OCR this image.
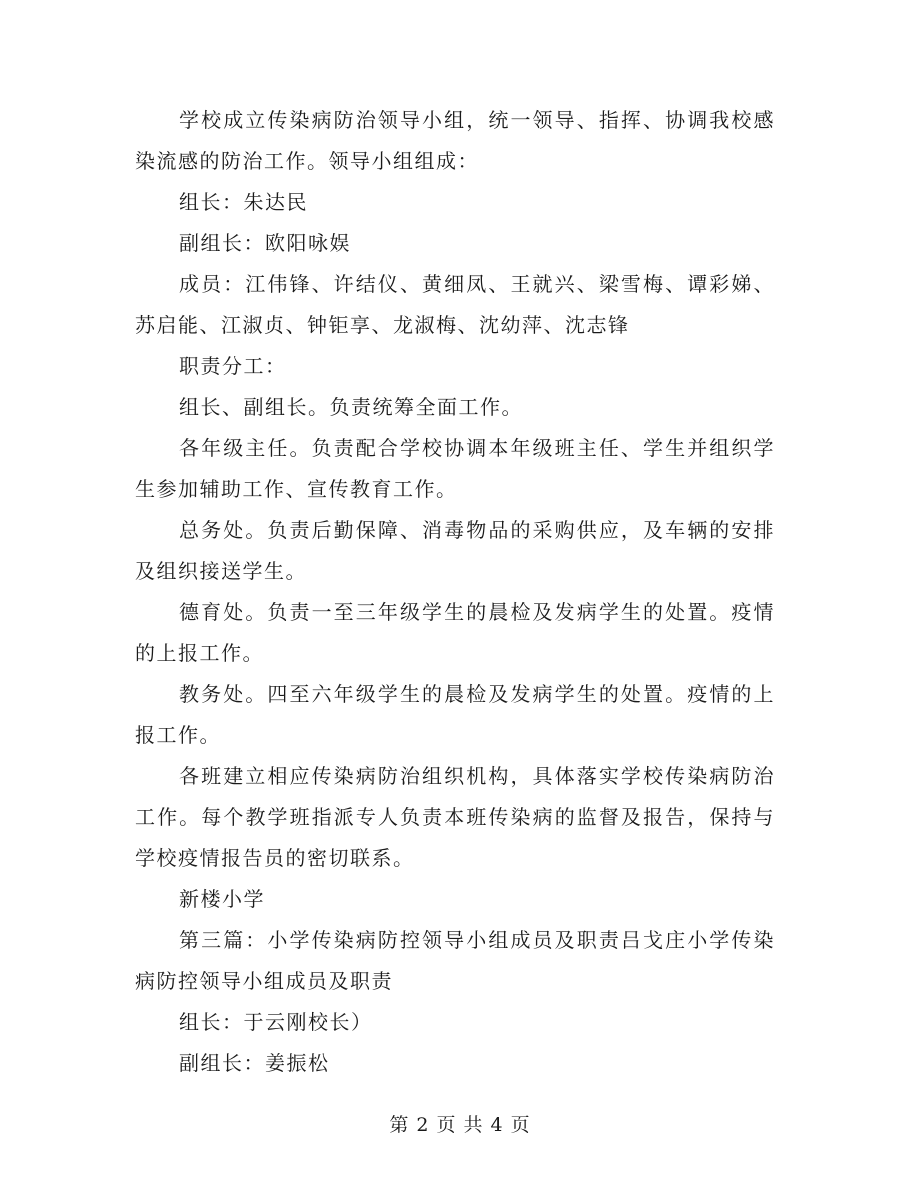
学校成立传染病防治领导小组，统一领导、指挥、协调我校感染流感的防治工作。领导小组组成：

组长：朱达民

副组长：欧阳咏娱

成员：江伟锋、许结仪、黄细凤、王就兴、梁雪梅、谭彩娣、苏启能、江淑贞、钟钜享、龙淑梅、沈幼萍、沈志锋

职责分工：

组长、副组长。负责统筹全面工作。

各年级主任。负责配合学校协调本年级班主任、学生并组织学生参加辅助工作、宣传教育工作。

总务处。负责后勤保障、消毒物品的采购供应，及车辆的安排及组织接送学生。

德育处。负责一至三年级学生的晨检及发病学生的处置。疫情的上报工作。

教务处。四至六年级学生的晨检及发病学生的处置。疫情的上报工作。

各班建立相应传染病防治组织机构，具体落实学校传染病防治工作。每个教学班指派专人负责本班传染病的监督及报告，保持与学校疫情报告员的密切联系。

新楼小学

第三篇：小学传染病防控领导小组成员及职责吕戈庄小学传染病防控领导小组成员及职责

组长：于云刚校长）

副组长：姜振松

第 2 页 共 4 页
